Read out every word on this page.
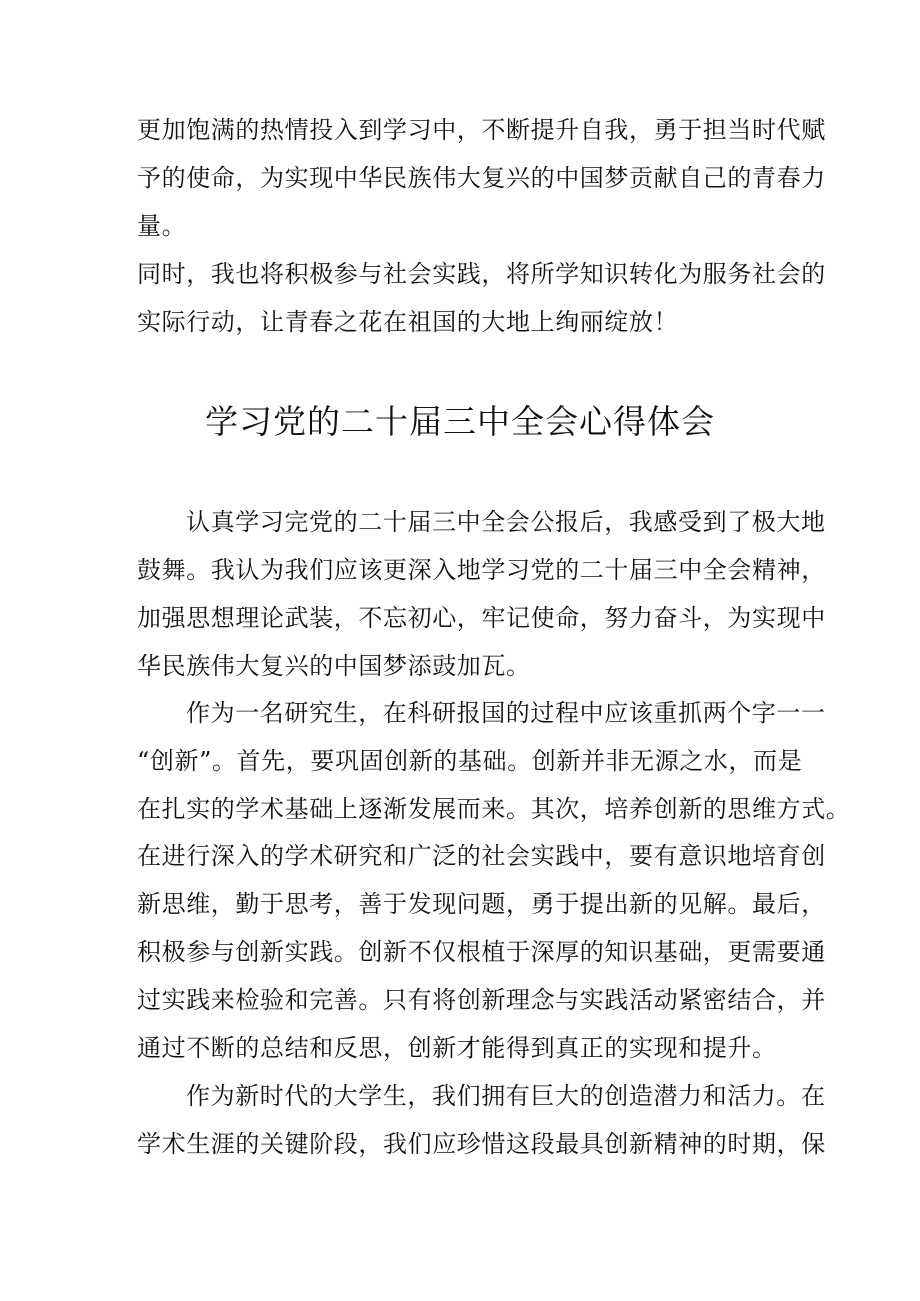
更加饱满的热情投入到学习中，不断提升自我，勇于担当时代赋
予的使命，为实现中华民族伟大复兴的中国梦贡献自己的青春力
量。
同时，我也将积极参与社会实践，将所学知识转化为服务社会的
实际行动，让青春之花在祖国的大地上绚丽绽放！
学习党的二十届三中全会心得体会
认真学习完党的二十届三中全会公报后，我感受到了极大地
鼓舞。我认为我们应该更深入地学习党的二十届三中全会精神，
加强思想理论武装，不忘初心，牢记使命，努力奋斗，为实现中
华民族伟大复兴的中国梦添豉加瓦。
作为一名研究生，在科研报国的过程中应该重抓两个字一一
“创新”。首先，要巩固创新的基础。创新并非无源之水，而是
在扎实的学术基础上逐渐发展而来。其次，培养创新的思维方式。
在进行深入的学术研究和广泛的社会实践中，要有意识地培育创
新思维，勤于思考，善于发现问题，勇于提出新的见解。最后，
积极参与创新实践。创新不仅根植于深厚的知识基础，更需要通
过实践来检验和完善。只有将创新理念与实践活动紧密结合，并
通过不断的总结和反思，创新才能得到真正的实现和提升。
作为新时代的大学生，我们拥有巨大的创造潜力和活力。在
学术生涯的关键阶段，我们应珍惜这段最具创新精神的时期，保
